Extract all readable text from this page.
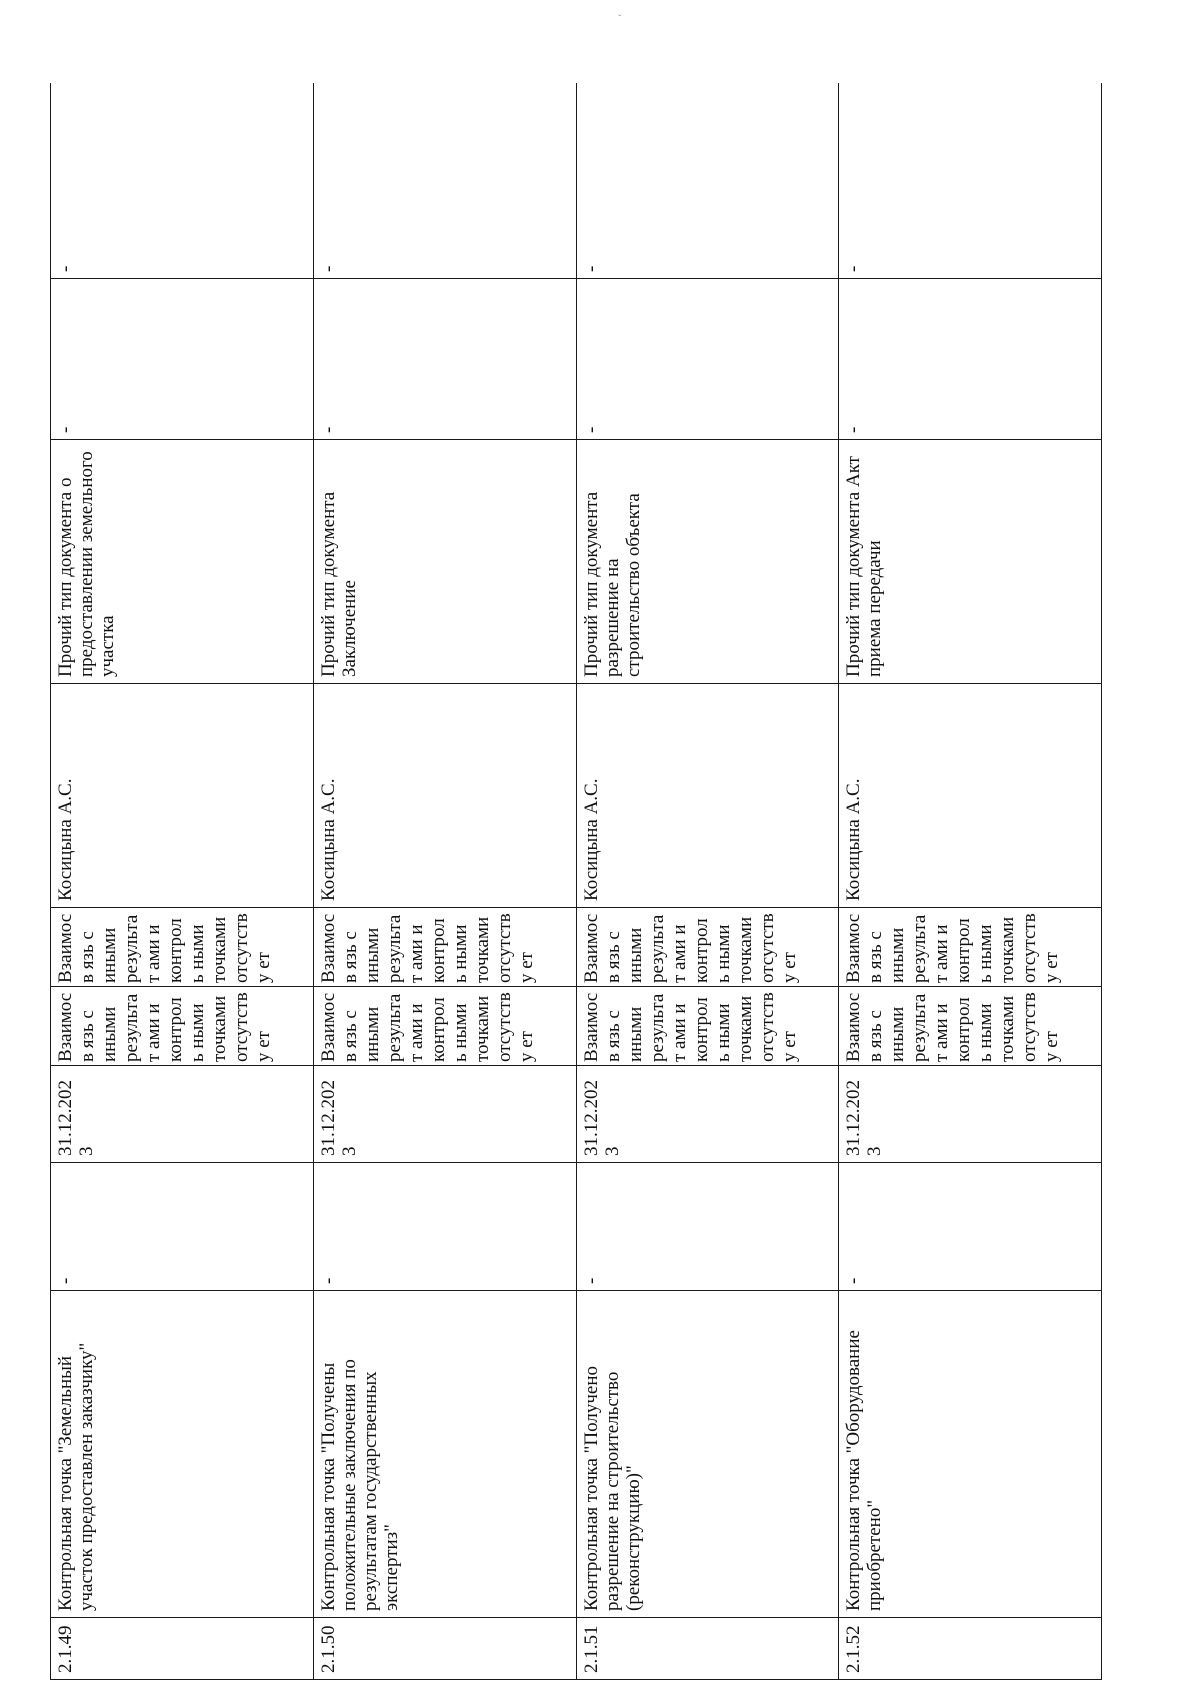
ˇ
2.1.49	Контрольная точка "Земельный участок предоставлен заказчику"	-	31.12.2023	Взаимосв язь с иными результат ами и контроль ными точками отсутству ет	Взаимосв язь с иными результат ами и контроль ными точками отсутству ет	Косицына А.С.	Прочий тип документа о предоставлении земельного участка	-	-
2.1.50	Контрольная точка "Получены положительные заключения по результатам государственных экспертиз"	-	31.12.2023	Взаимосв язь с иными результат ами и контроль ными точками отсутству ет	Взаимосв язь с иными результат ами и контроль ными точками отсутству ет	Косицына А.С.	Прочий тип документа Заключение	-	-
2.1.51	Контрольная точка "Получено разрешение на строительство (реконструкцию)"	-	31.12.2023	Взаимосв язь с иными результат ами и контроль ными точками отсутству ет	Взаимосв язь с иными результат ами и контроль ными точками отсутству ет	Косицына А.С.	Прочий тип документа разрешение на строительство объекта	-	-
2.1.52	Контрольная точка "Оборудование приобретено"	-	31.12.2023	Взаимосв язь с иными результат ами и контроль ными точками отсутству ет	Взаимосв язь с иными результат ами и контроль ными точками отсутству ет	Косицына А.С.	Прочий тип документа Акт приема передачи	-	-
